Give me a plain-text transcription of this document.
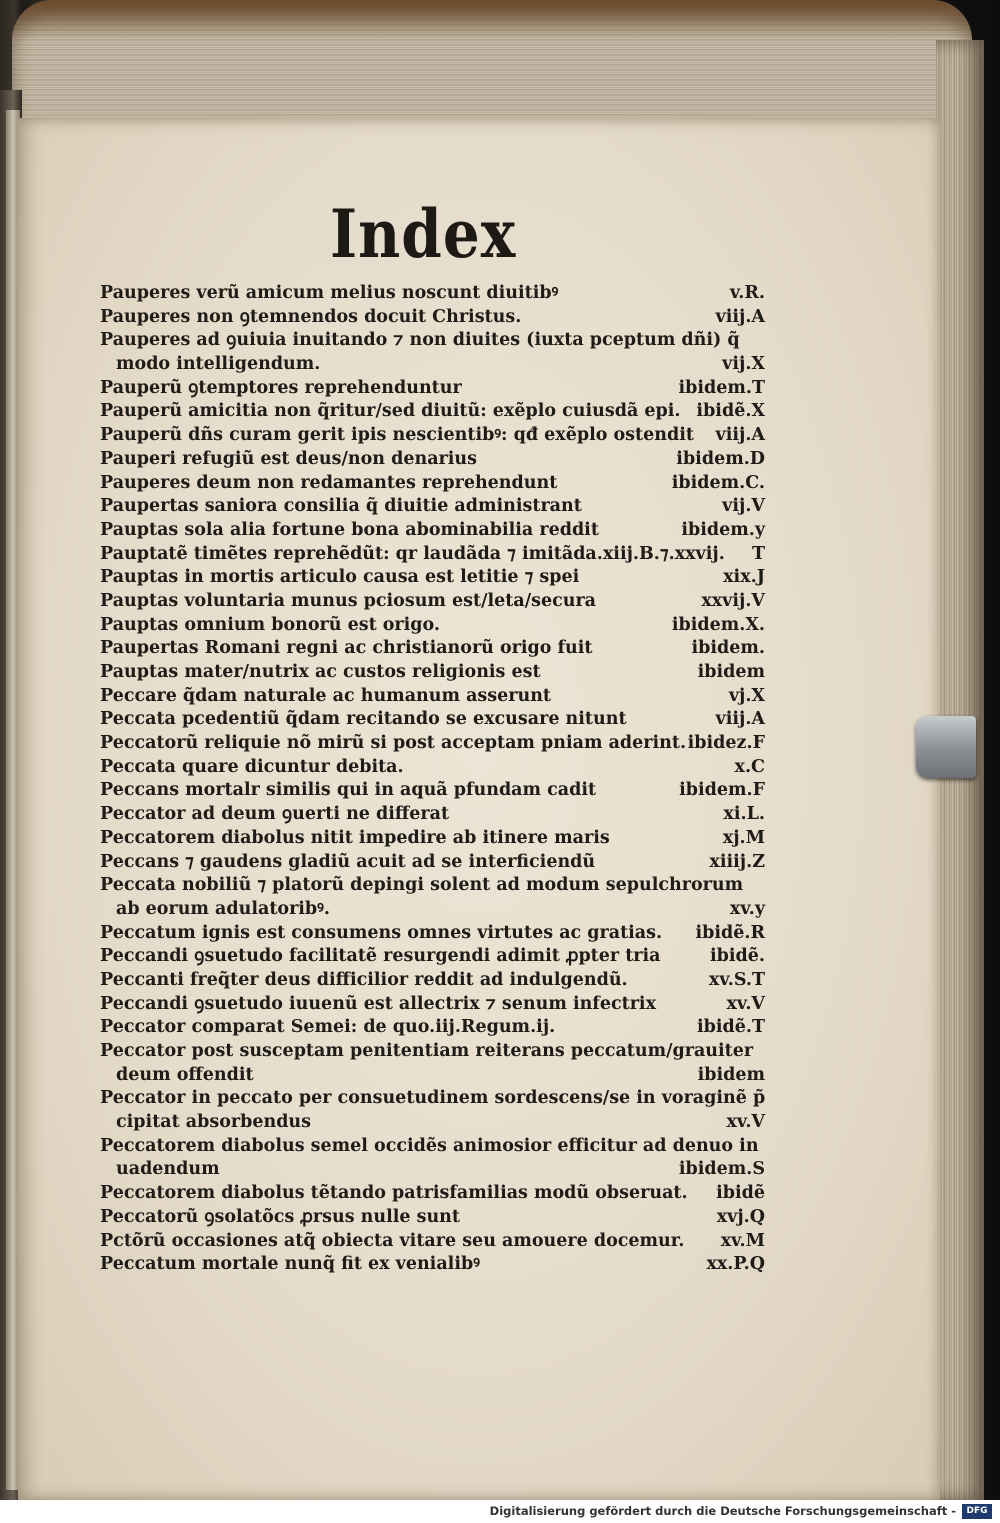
Index
Pauperes verũ amicum melius noscunt diuitibꝰ	v.R.
Pauperes non ꝯtemnendos docuit Christus.	viij.A
Pauperes ad ꝯuiuia inuitando ⁊ non diuites (iuxta pceptum dñi) q̃
modo intelligendum.	vij.X
Pauperũ ꝯtemptores reprehenduntur	ibidem.T
Pauperũ amicitia non q̃ritur/sed diuitũ: exẽplo cuiusdã epi. ibidẽ.X
Pauperũ dñs curam gerit ipis nescientibꝰ: qđ exẽplo ostendit viij.A
Pauperi refugiũ est deus/non denarius	ibidem.D
Pauperes deum non redamantes reprehendunt	ibidem.C.
Paupertas saniora consilia q̃ diuitie administrant	vij.V
Pauptas sola alia fortune bona abominabilia reddit	ibidem.y
Pauptatẽ timẽtes reprehẽdũt: qr laudãda ⁊ imitãda.xiij.B.⁊.xxvij. T
Pauptas in mortis articulo causa est letitie ⁊ spei	xix.J
Pauptas voluntaria munus pciosum est/leta/secura	xxvij.V
Pauptas omnium bonorũ est origo.	ibidem.X.
Paupertas Romani regni ac christianorũ origo fuit	ibidem.
Pauptas mater/nutrix ac custos religionis est	ibidem
Peccare q̃dam naturale ac humanum asserunt	vj.X
Peccata pcedentiũ q̃dam recitando se excusare nitunt	viij.A
Peccatorũ reliquie nõ mirũ si post acceptam pniam aderint. ibidez.F
Peccata quare dicuntur debita.	x.C
Peccans mortalr similis qui in aquã pfundam cadit	ibidem.F
Peccator ad deum ꝯuerti ne differat	xi.L.
Peccatorem diabolus nitit impedire ab itinere maris	xj.M
Peccans ⁊ gaudens gladiũ acuit ad se interficiendũ	xiiij.Z
Peccata nobiliũ ⁊ platorũ depingi solent ad modum sepulchrorum
ab eorum adulatoribꝰ.	xv.y
Peccatum ignis est consumens omnes virtutes ac gratias. ibidẽ.R
Peccandi ꝯsuetudo facilitatẽ resurgendi adimit ꝓpter tria	ibidẽ.
Peccanti freq̃ter deus difficilior reddit ad indulgendũ.	xv.S.T
Peccandi ꝯsuetudo iuuenũ est allectrix ⁊ senum infectrix	xv.V
Peccator comparat Semei: de quo.iij.Regum.ij.	ibidẽ.T
Peccator post susceptam penitentiam reiterans peccatum/grauiter
deum offendit	ibidem
Peccator in peccato per consuetudinem sordescens/se in voraginẽ p̃
cipitat absorbendus	xv.V
Peccatorem diabolus semel occidẽs animosior efficitur ad denuo in
uadendum	ibidem.S
Peccatorem diabolus tẽtando patrisfamilias modũ obseruat. ibidẽ
Peccatorũ ꝯsolatõcs ꝓrsus nulle sunt	xvj.Q
Pctõrũ occasiones atq̃ obiecta vitare seu amouere docemur. xv.M
Peccatum mortale nunq̃ fit ex venialibꝰ	xx.P.Q
Digitalisierung gefördert durch die Deutsche Forschungsgemeinschaft -	DFG
